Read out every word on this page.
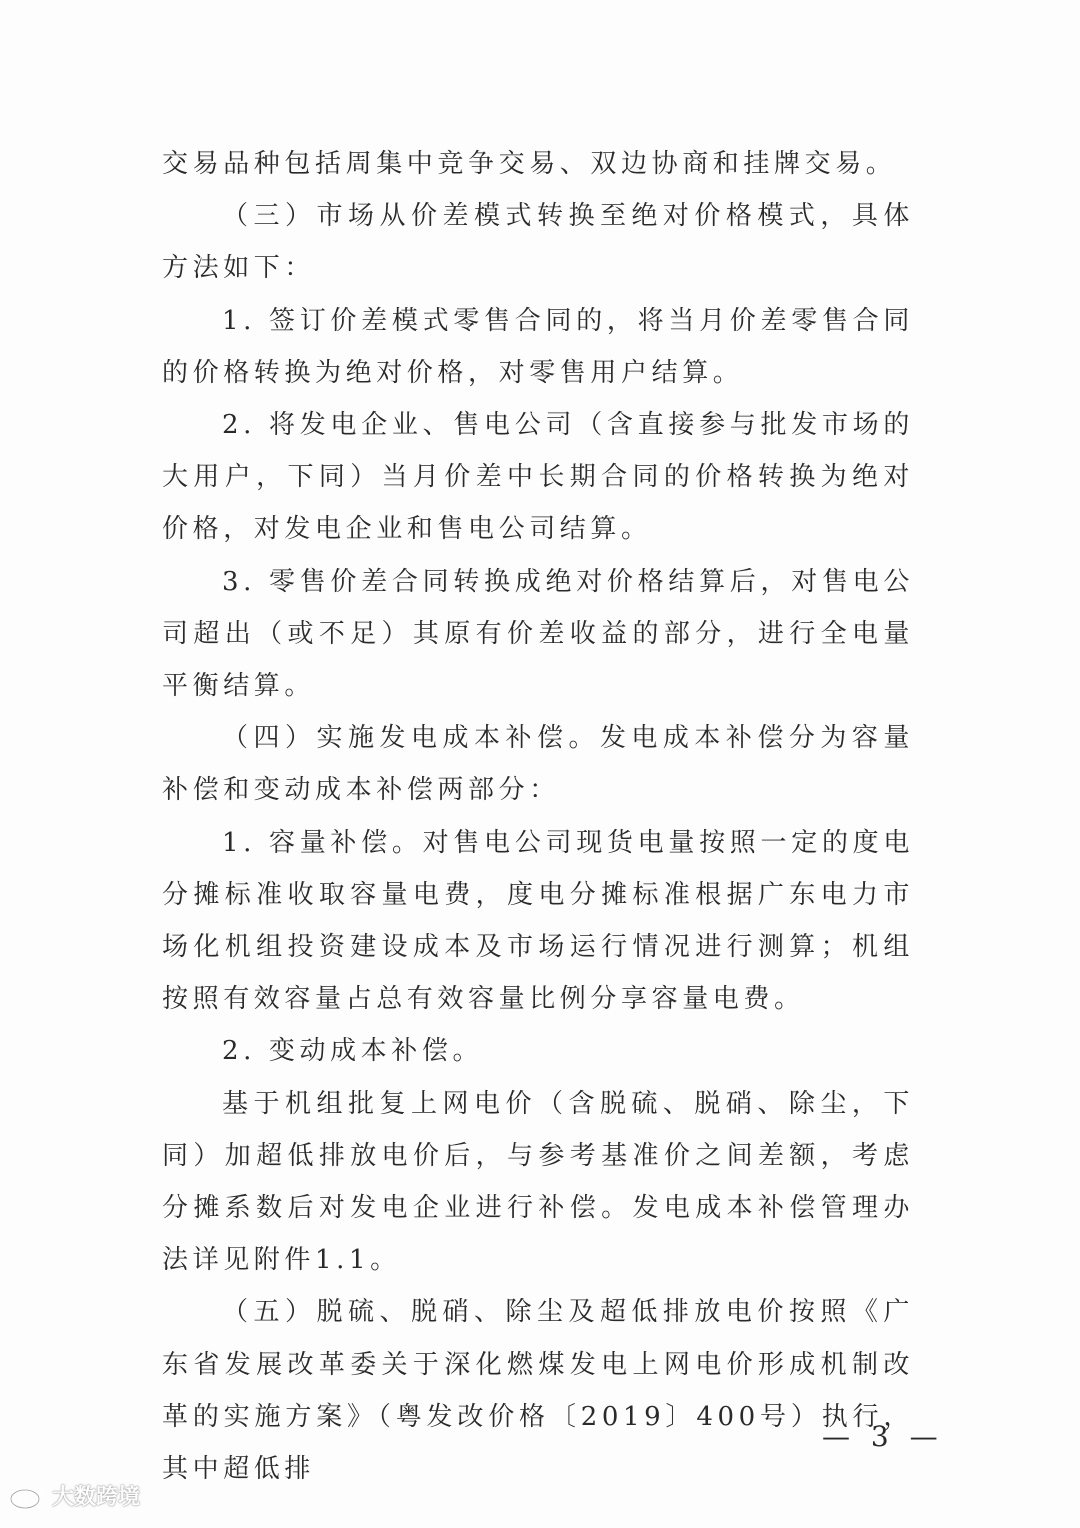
交易品种包括周集中竞争交易、双边协商和挂牌交易。

（三）市场从价差模式转换至绝对价格模式，具体方法如下：

1. 签订价差模式零售合同的，将当月价差零售合同的价格转换为绝对价格，对零售用户结算。

2. 将发电企业、售电公司（含直接参与批发市场的大用户，下同）当月价差中长期合同的价格转换为绝对价格，对发电企业和售电公司结算。

3. 零售价差合同转换成绝对价格结算后，对售电公司超出（或不足）其原有价差收益的部分，进行全电量平衡结算。

（四）实施发电成本补偿。发电成本补偿分为容量补偿和变动成本补偿两部分：

1. 容量补偿。对售电公司现货电量按照一定的度电分摊标准收取容量电费，度电分摊标准根据广东电力市场化机组投资建设成本及市场运行情况进行测算；机组按照有效容量占总有效容量比例分享容量电费。

2. 变动成本补偿。

基于机组批复上网电价（含脱硫、脱硝、除尘，下同）加超低排放电价后，与参考基准价之间差额，考虑分摊系数后对发电企业进行补偿。发电成本补偿管理办法详见附件1.1。

（五）脱硫、脱硝、除尘及超低排放电价按照《广东省发展改革委关于深化燃煤发电上网电价形成机制改革的实施方案》（粤发改价格〔2019〕400号）执行，其中超低排

— 3 —
大数跨境
